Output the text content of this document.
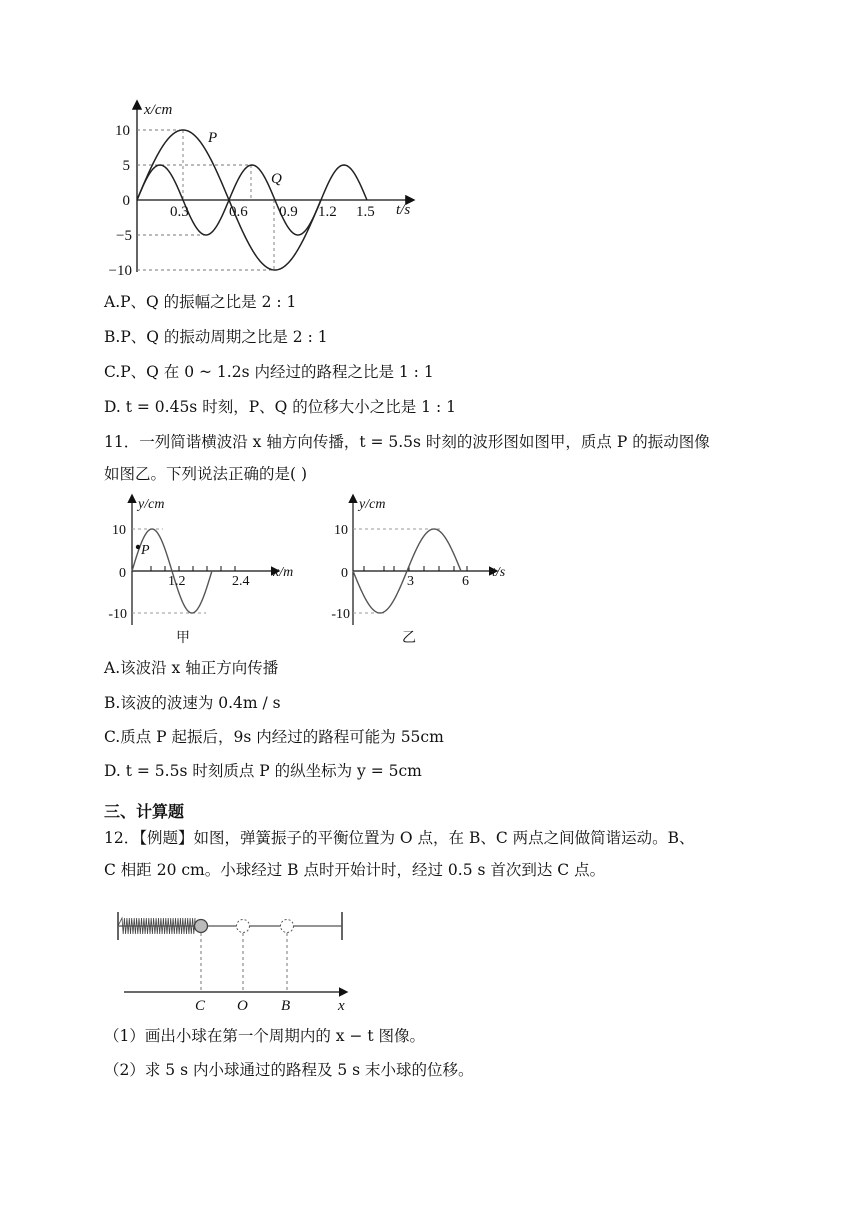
x/cm
t/s
10
5
0
−5
−10
0.3	0.6 0.9 1.2 1.5
P
Q
A.P、Q 的振幅之比是 2 : 1
B.P、Q 的振动周期之比是 2 : 1
C.P、Q 在 0 ~ 1.2s 内经过的路程之比是 1 : 1
D. t = 0.45s 时刻，P、Q 的位移大小之比是 1 : 1
11．一列简谐横波沿 x 轴方向传播，t = 5.5s 时刻的波形图如图甲，质点 P 的振动图像
如图乙。下列说法正确的是( )
y/cm
x/m
10
-10
0
1.2	2.4
P
甲
y/cm
t/s
10
-10
0
3	6
乙
A.该波沿 x 轴正方向传播
B.该波的波速为 0.4m / s
C.质点 P 起振后，9s 内经过的路程可能为 55cm
D. t = 5.5s 时刻质点 P 的纵坐标为 y = 5cm
三、计算题
12．【例题】如图，弹簧振子的平衡位置为 O 点，在 B、C 两点之间做简谐运动。B、
C 相距 20 cm。小球经过 B 点时开始计时，经过 0.5 s 首次到达 C 点。
C O B	x
（1）画出小球在第一个周期内的 x − t 图像。
（2）求 5 s 内小球通过的路程及 5 s 末小球的位移。
